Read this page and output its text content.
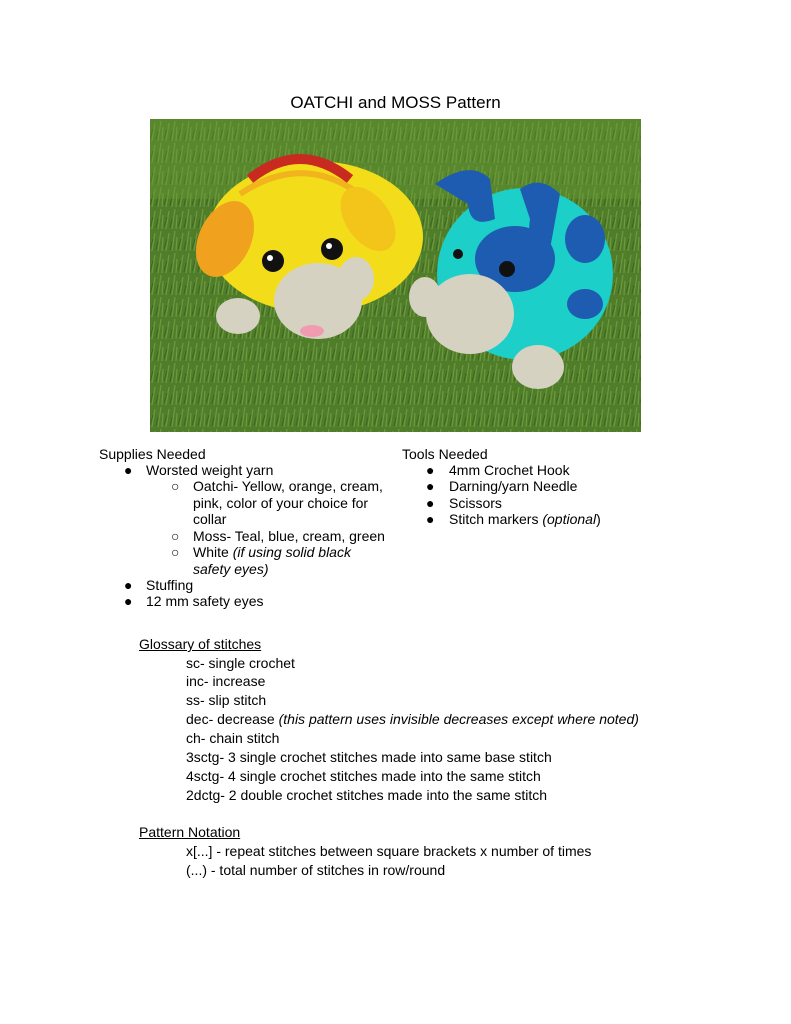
OATCHI and MOSS Pattern
Supplies Needed
● Worsted weight yarn
○ Oatchi- Yellow, orange, cream, pink, color of your choice for collar
○ Moss- Teal, blue, cream, green
○ White (if using solid black safety eyes)
● Stuffing
● 12 mm safety eyes
Tools Needed
● 4mm Crochet Hook
● Darning/yarn Needle
● Scissors
● Stitch markers (optional)
Glossary of stitches
sc- single crochet
inc- increase
ss- slip stitch
dec- decrease (this pattern uses invisible decreases except where noted)
ch- chain stitch
3sctg- 3 single crochet stitches made into same base stitch
4sctg- 4 single crochet stitches made into the same stitch
2dctg- 2 double crochet stitches made into the same stitch
Pattern Notation
x[...] - repeat stitches between square brackets x number of times
(...) - total number of stitches in row/round
